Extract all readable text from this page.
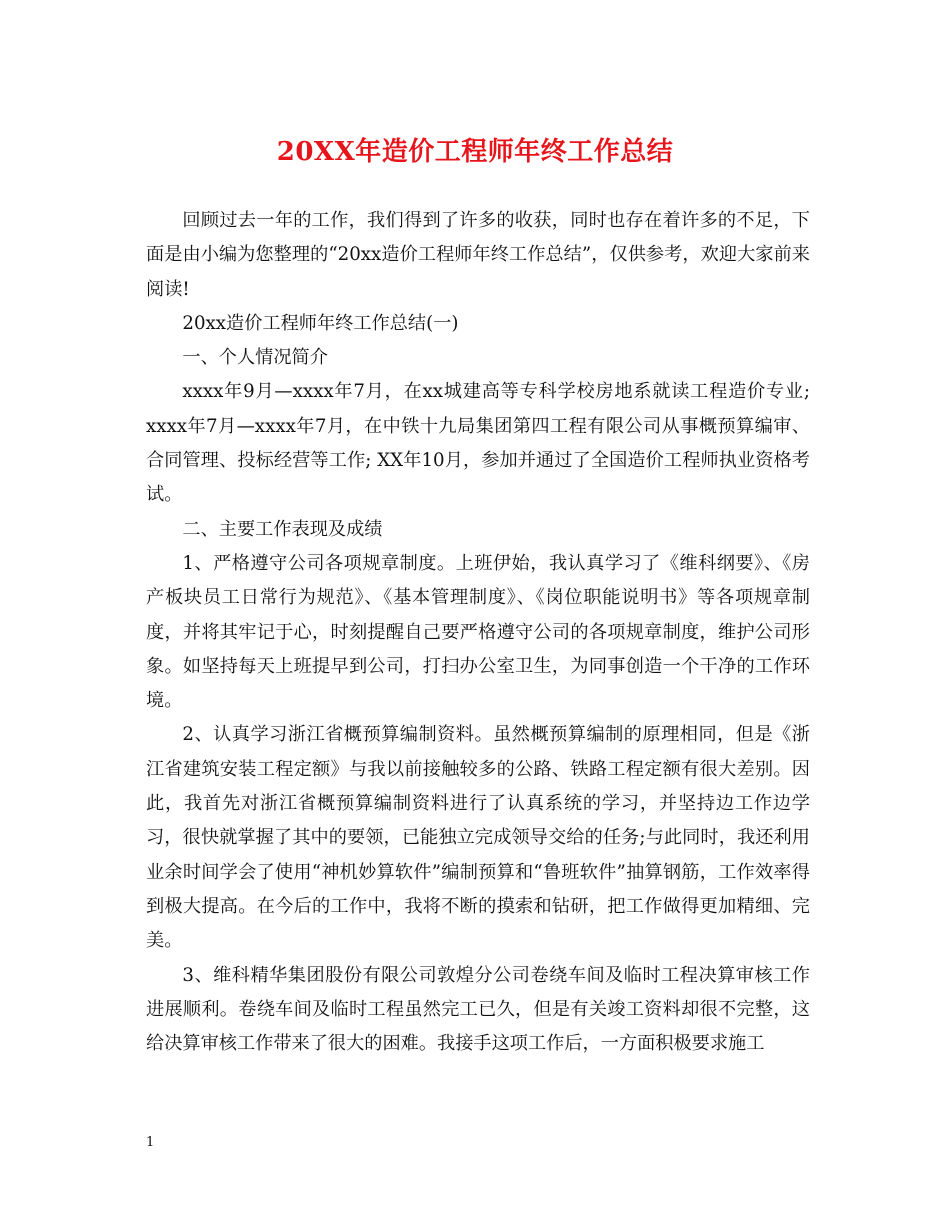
20XX年造价工程师年终工作总结

回顾过去一年的工作，我们得到了许多的收获，同时也存在着许多的不足，下面是由小编为您整理的“20xx造价工程师年终工作总结”，仅供参考，欢迎大家前来阅读!

20xx造价工程师年终工作总结(一)

一、个人情况简介

xxxx年9月—xxxx年7月，在xx城建高等专科学校房地系就读工程造价专业; xxxx年7月—xxxx年7月，在中铁十九局集团第四工程有限公司从事概预算编审、合同管理、投标经营等工作; XX年10月，参加并通过了全国造价工程师执业资格考试。

二、主要工作表现及成绩

1、严格遵守公司各项规章制度。上班伊始，我认真学习了《维科纲要》、《房产板块员工日常行为规范》、《基本管理制度》、《岗位职能说明书》等各项规章制度，并将其牢记于心，时刻提醒自己要严格遵守公司的各项规章制度，维护公司形象。如坚持每天上班提早到公司，打扫办公室卫生，为同事创造一个干净的工作环境。

2、认真学习浙江省概预算编制资料。虽然概预算编制的原理相同，但是《浙江省建筑安装工程定额》与我以前接触较多的公路、铁路工程定额有很大差别。因此，我首先对浙江省概预算编制资料进行了认真系统的学习，并坚持边工作边学习，很快就掌握了其中的要领，已能独立完成领导交给的任务;与此同时，我还利用业余时间学会了使用“神机妙算软件”编制预算和“鲁班软件”抽算钢筋，工作效率得到极大提高。在今后的工作中，我将不断的摸索和钻研，把工作做得更加精细、完美。

3、维科精华集团股份有限公司敦煌分公司卷绕车间及临时工程决算审核工作进展顺利。卷绕车间及临时工程虽然完工已久，但是有关竣工资料却很不完整，这给决算审核工作带来了很大的困难。我接手这项工作后，一方面积极要求施工

1
